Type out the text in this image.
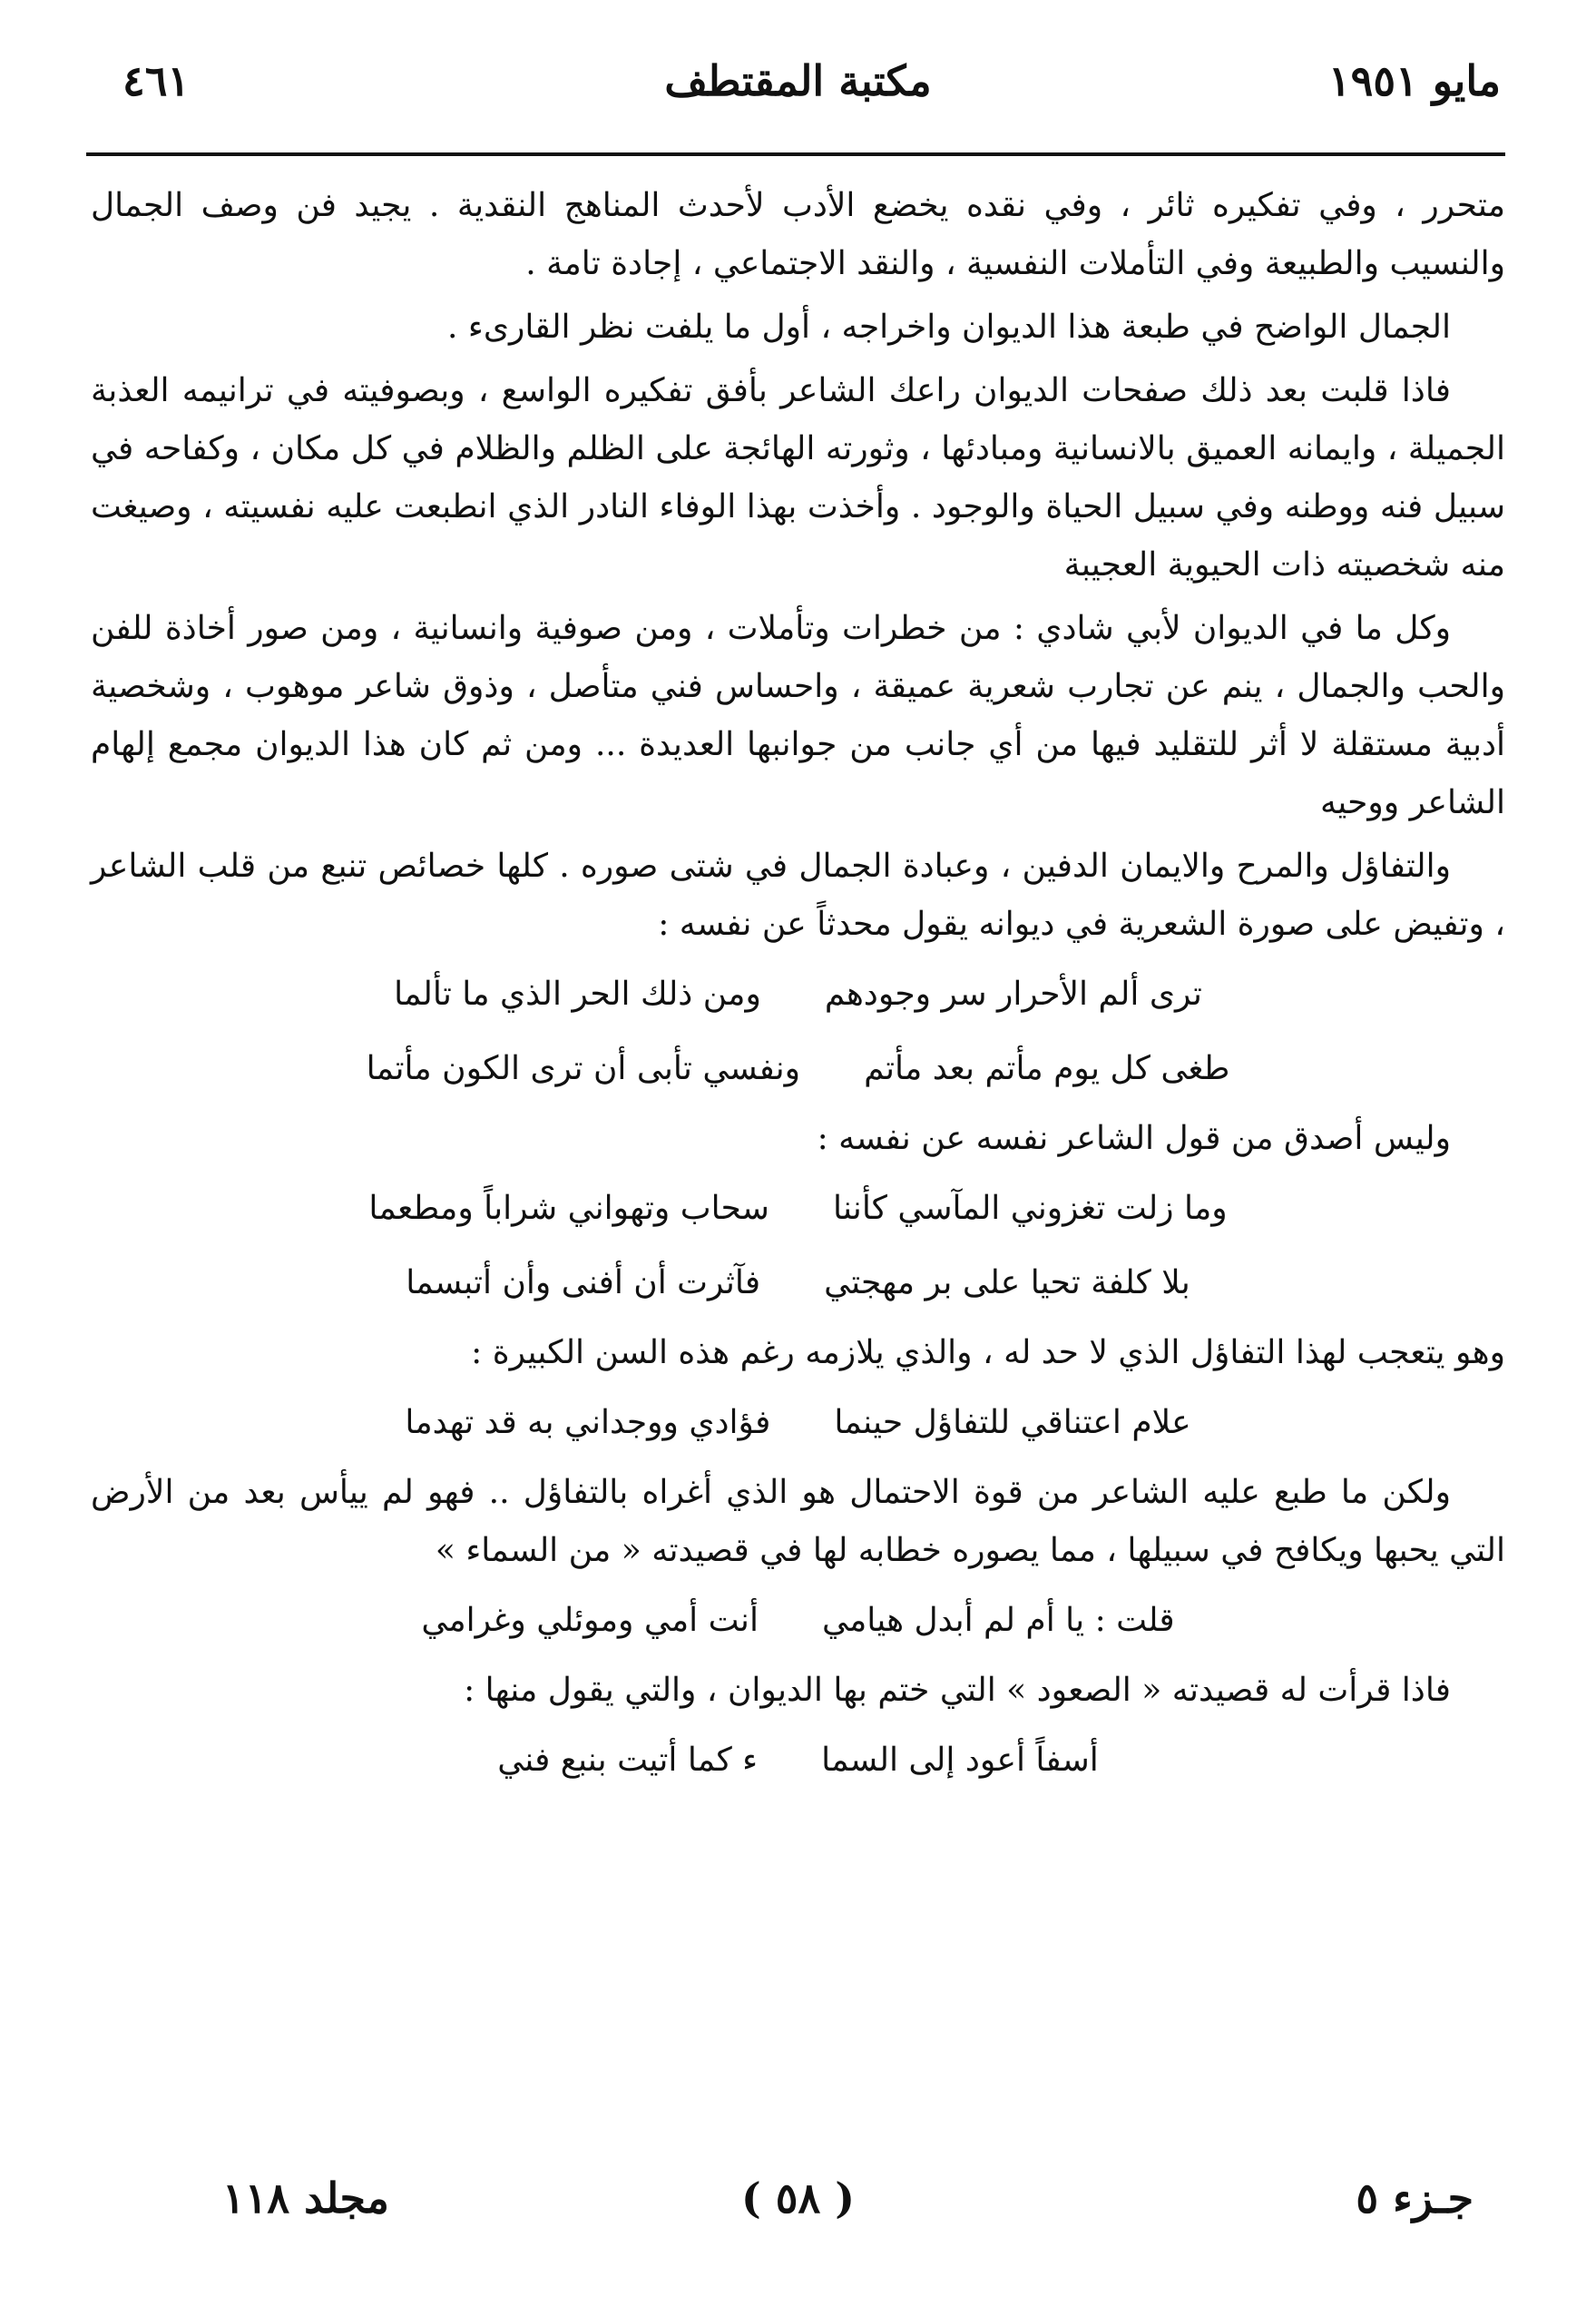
مايو ١٩٥١
مكتبة المقتطف
٤٦١

متحرر ، وفي تفكيره ثائر ، وفي نقده يخضع الأدب لأحدث المناهج النقدية . يجيد فن وصف الجمال والنسيب والطبيعة وفي التأملات النفسية ، والنقد الاجتماعي ، إجادة تامة .

الجمال الواضح في طبعة هذا الديوان واخراجه ، أول ما يلفت نظر القارىء .

فاذا قلبت بعد ذلك صفحات الديوان راعك الشاعر بأفق تفكيره الواسع ، وبصوفيته في ترانيمه العذبة الجميلة ، وايمانه العميق بالانسانية ومبادئها ، وثورته الهائجة على الظلم والظلام في كل مكان ، وكفاحه في سبيل فنه ووطنه وفي سبيل الحياة والوجود . وأخذت بهذا الوفاء النادر الذي انطبعت عليه نفسيته ، وصيغت منه شخصيته ذات الحيوية العجيبة

وكل ما في الديوان لأبي شادي : من خطرات وتأملات ، ومن صوفية وانسانية ، ومن صور أخاذة للفن والحب والجمال ، ينم عن تجارب شعرية عميقة ، واحساس فني متأصل ، وذوق شاعر موهوب ، وشخصية أدبية مستقلة لا أثر للتقليد فيها من أي جانب من جوانبها العديدة ... ومن ثم كان هذا الديوان مجمع إلهام الشاعر ووحيه

والتفاؤل والمرح والايمان الدفين ، وعبادة الجمال في شتى صوره . كلها خصائص تنبع من قلب الشاعر ، وتفيض على صورة الشعرية في ديوانه يقول محدثاً عن نفسه :

ترى ألم الأحرار سر وجودهم
ومن ذلك الحر الذي ما تألما
طغى كل يوم مأتم بعد مأتم
ونفسي تأبى أن ترى الكون مأتما

وليس أصدق من قول الشاعر نفسه عن نفسه :

وما زلت تغزوني المآسي كأننا
سحاب وتهواني شراباً ومطعما
بلا كلفة تحيا على بر مهجتي
فآثرت أن أفنى وأن أتبسما

وهو يتعجب لهذا التفاؤل الذي لا حد له ، والذي يلازمه رغم هذه السن الكبيرة :

علام اعتناقي للتفاؤل حينما
فؤادي ووجداني به قد تهدما

ولكن ما طبع عليه الشاعر من قوة الاحتمال هو الذي أغراه بالتفاؤل .. فهو لم ييأس بعد من الأرض التي يحبها ويكافح في سبيلها ، مما يصوره خطابه لها في قصيدته « من السماء »

قلت : يا أم لم أبدل هيامي
أنت أمي وموئلي وغرامي

فاذا قرأت له قصيدته « الصعود » التي ختم بها الديوان ، والتي يقول منها :

أسفاً أعود إلى السما
ء كما أتيت بنبع فني
جـزء ٥
( ٥٨ )
مجلد ١١٨
